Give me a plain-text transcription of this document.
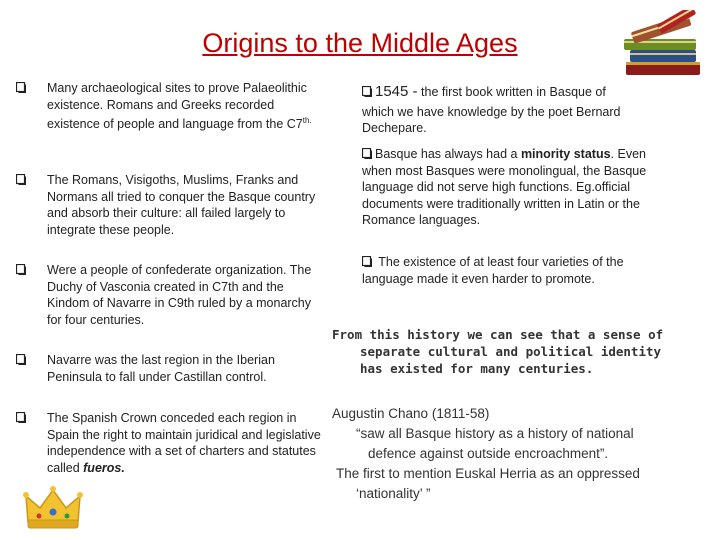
Origins to the Middle Ages
Many archaeological sites to prove Palaeolithic existence. Romans and Greeks recorded existence of people and language from the $C7^{th.}$
The Romans, Visigoths, Muslims, Franks and Normans all tried to conquer the Basque country and absorb their culture: all failed largely to integrate these people.
Were a people of confederate organization. The Duchy of Vasconia created in C7th and the Kindom of Navarre in C9th ruled by a monarchy for four centuries.
Navarre was the last region in the Iberian Peninsula to fall under Castillan control.
The Spanish Crown conceded each region in Spain the right to maintain juridical and legislative independence with a set of charters and statutes called fueros.
1545 - the first book written in Basque of
which we have knowledge by the poet Bernard Dechepare.
Basque has always had a minority status. Even when most Basques were monolingual, the Basque language did not serve high functions. Eg.official documents were traditionally written in Latin or the Romance languages.
The existence of at least four varieties of the language made it even harder to promote.
From this history we can see that a sense of
separate cultural and political identity has existed for many centuries.
Augustin Chano (1811-58)
“saw all Basque history as a history of national
defence against outside encroachment”.
The first to mention Euskal Herria as an oppressed
‘nationality’ ”
